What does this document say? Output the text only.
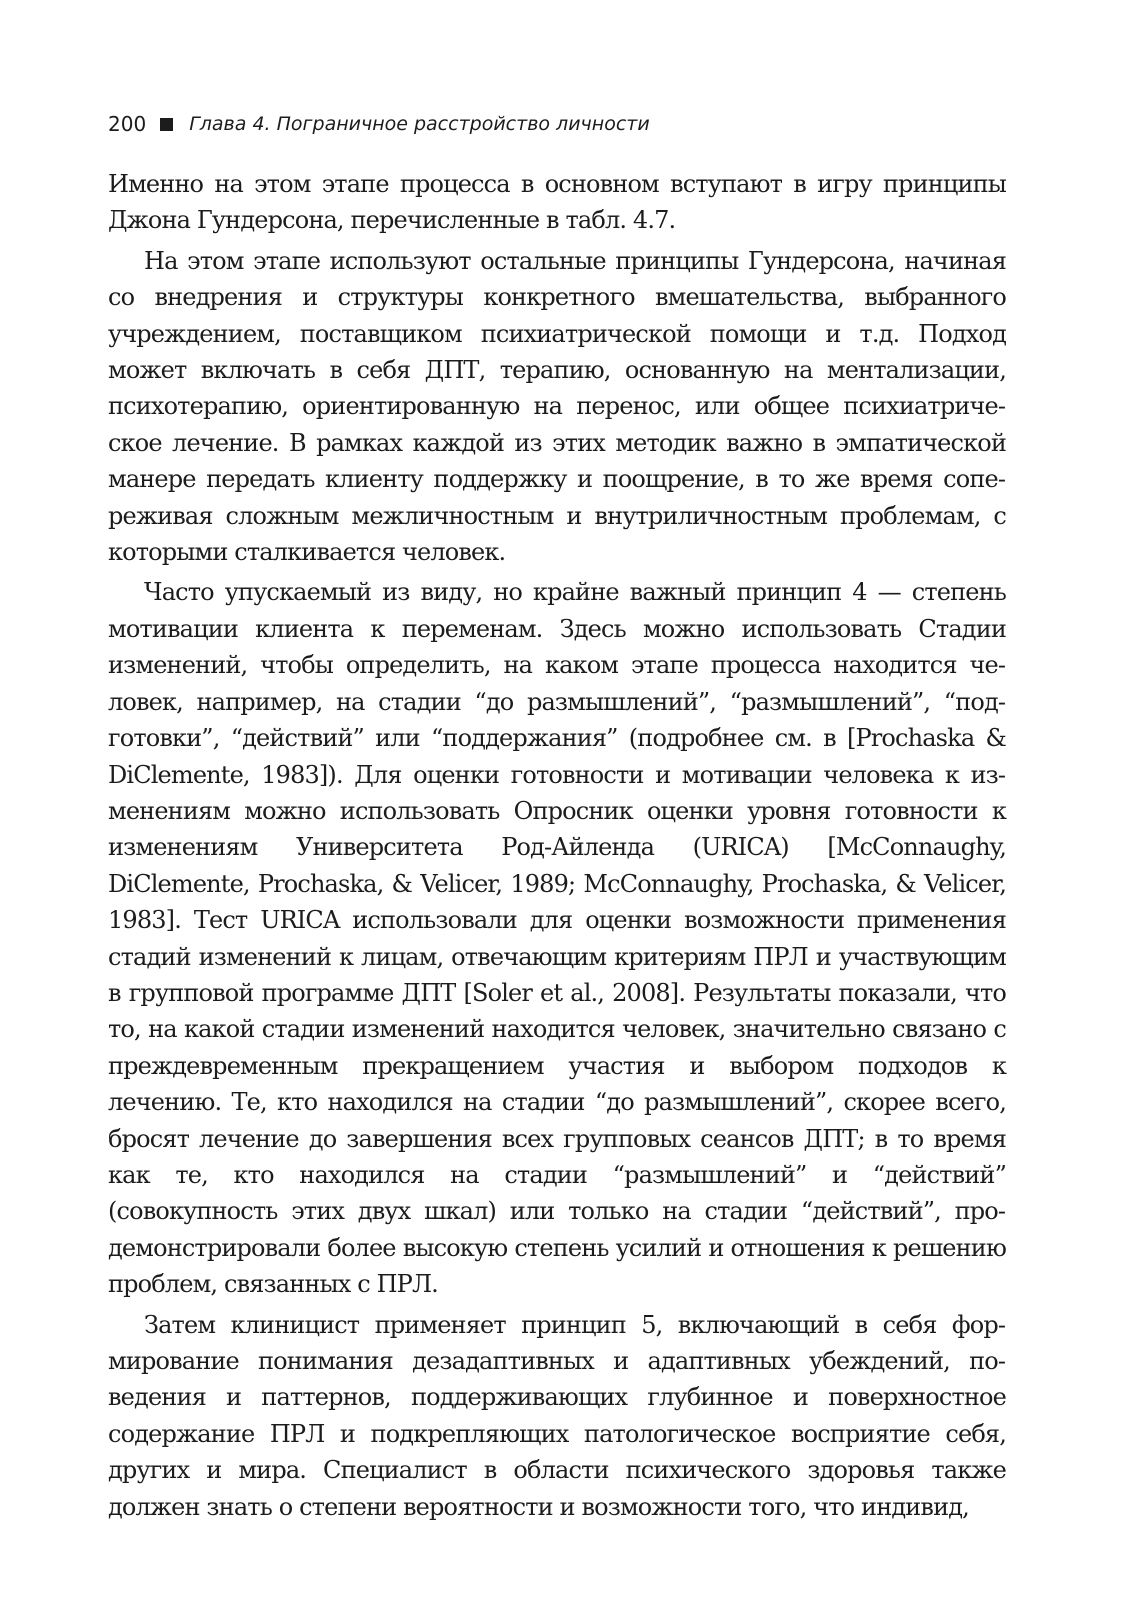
200 Глава 4. Пограничное расстройство личности

Именно на этом этапе процесса в основном вступают в игру принципы Джона Гундерсона, перечисленные в табл. 4.7.

На этом этапе используют остальные принципы Гундерсона, начиная со внедрения и структуры конкретного вмешательства, выбранного учреждением, поставщиком психиатрической помощи и т.д. Подход может включать в себя ДПТ, терапию, основанную на ментализации, психотерапию, ориентированную на перенос, или общее психиатрическое лечение. В рамках каждой из этих методик важно в эмпатической манере передать клиенту поддержку и поощрение, в то же время сопереживая сложным межличностным и внутриличностным проблемам, с которыми сталкивается человек.

Часто упускаемый из виду, но крайне важный принцип 4 — степень мотивации клиента к переменам. Здесь можно использовать Стадии изменений, чтобы определить, на каком этапе процесса находится человек, например, на стадии “до размышлений”, “размышлений”, “подготовки”, “действий” или “поддержания” (подробнее см. в [Prochaska & DiClemente, 1983]). Для оценки готовности и мотивации человека к изменениям можно использовать Опросник оценки уровня готовности к изменениям Университета Род-Айленда (URICA) [McConnaughy, DiClemente, Prochaska, & Velicer, 1989; McConnaughy, Prochaska, & Velicer, 1983]. Тест URICA использовали для оценки возможности применения стадий изменений к лицам, отвечающим критериям ПРЛ и участвующим в групповой программе ДПТ [Soler et al., 2008]. Результаты показали, что то, на какой стадии изменений находится человек, значительно связано с преждевременным прекращением участия и выбором подходов к лечению. Те, кто находился на стадии “до размышлений”, скорее всего, бросят лечение до завершения всех групповых сеансов ДПТ; в то время как те, кто находился на стадии “размышлений” и “действий” (совокупность этих двух шкал) или только на стадии “действий”, продемонстрировали более высокую степень усилий и отношения к решению проблем, связанных с ПРЛ.

Затем клиницист применяет принцип 5, включающий в себя формирование понимания дезадаптивных и адаптивных убеждений, поведения и паттернов, поддерживающих глубинное и поверхностное содержание ПРЛ и подкрепляющих патологическое восприятие себя, других и мира. Специалист в области психического здоровья также должен знать о степени вероятности и возможности того, что индивид,
